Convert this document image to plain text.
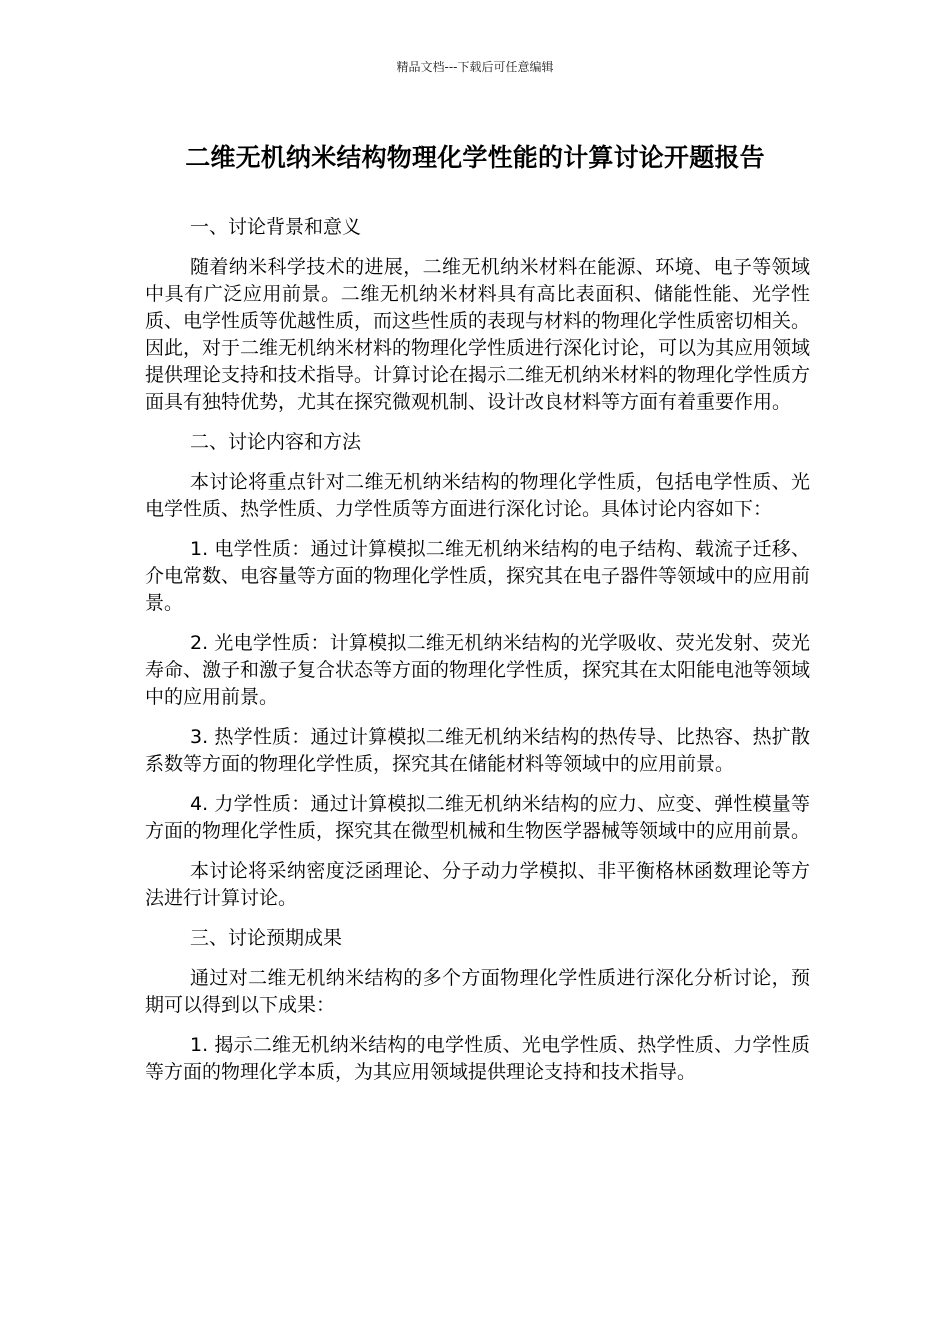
精品文档---下载后可任意编辑
二维无机纳米结构物理化学性能的计算讨论开题报告

一、讨论背景和意义

随着纳米科学技术的进展，二维无机纳米材料在能源、环境、电子等领域中具有广泛应用前景。二维无机纳米材料具有高比表面积、储能性能、光学性质、电学性质等优越性质，而这些性质的表现与材料的物理化学性质密切相关。因此，对于二维无机纳米材料的物理化学性质进行深化讨论，可以为其应用领域提供理论支持和技术指导。计算讨论在揭示二维无机纳米材料的物理化学性质方面具有独特优势，尤其在探究微观机制、设计改良材料等方面有着重要作用。

二、讨论内容和方法

本讨论将重点针对二维无机纳米结构的物理化学性质，包括电学性质、光电学性质、热学性质、力学性质等方面进行深化讨论。具体讨论内容如下：

1. 电学性质：通过计算模拟二维无机纳米结构的电子结构、载流子迁移、介电常数、电容量等方面的物理化学性质，探究其在电子器件等领域中的应用前景。

2. 光电学性质：计算模拟二维无机纳米结构的光学吸收、荧光发射、荧光寿命、激子和激子复合状态等方面的物理化学性质，探究其在太阳能电池等领域中的应用前景。

3. 热学性质：通过计算模拟二维无机纳米结构的热传导、比热容、热扩散系数等方面的物理化学性质，探究其在储能材料等领域中的应用前景。

4. 力学性质：通过计算模拟二维无机纳米结构的应力、应变、弹性模量等方面的物理化学性质，探究其在微型机械和生物医学器械等领域中的应用前景。

本讨论将采纳密度泛函理论、分子动力学模拟、非平衡格林函数理论等方法进行计算讨论。

三、讨论预期成果

通过对二维无机纳米结构的多个方面物理化学性质进行深化分析讨论，预期可以得到以下成果：

1. 揭示二维无机纳米结构的电学性质、光电学性质、热学性质、力学性质等方面的物理化学本质，为其应用领域提供理论支持和技术指导。
